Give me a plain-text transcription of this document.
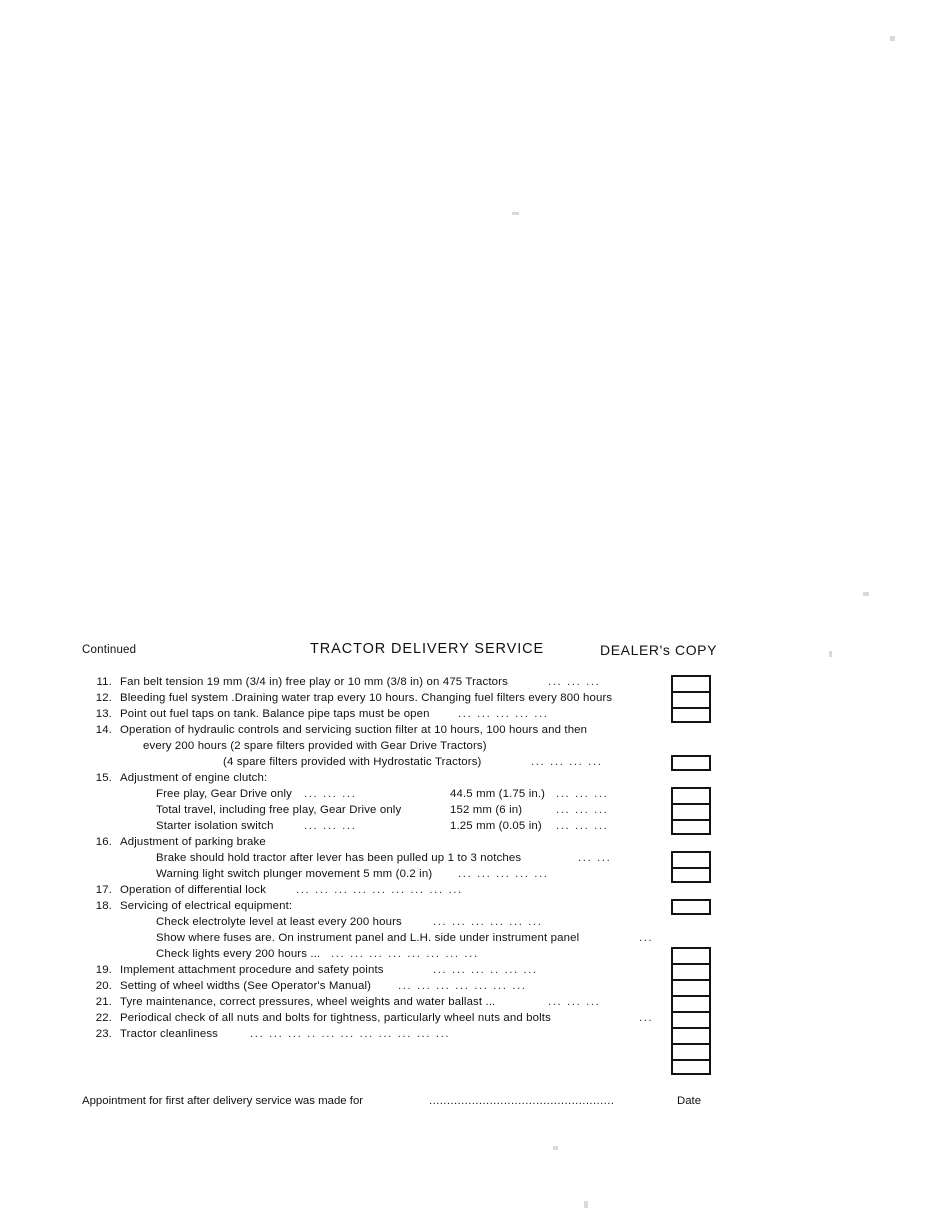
Continued	TRACTOR DELIVERY SERVICE	DEALER's COPY
11. Fan belt tension 19 mm (3/4 in) free play or 10 mm (3/8 in) on 475 Tractors	... ... ...
12. Bleeding fuel system .Draining water trap every 10 hours. Changing fuel filters every 800 hours
13. Point out fuel taps on tank. Balance pipe taps must be open ... ... ... ... ...
14. Operation of hydraulic controls and servicing suction filter at 10 hours, 100 hours and then
every 200 hours (2 spare filters provided with Gear Drive Tractors)
(4 spare filters provided with Hydrostatic Tractors)	... ... ... ...
15. Adjustment of engine clutch:
Free play, Gear Drive only ... ... ...	44.5 mm (1.75 in.) ... ... ...
Total travel, including free play, Gear Drive only	152 mm (6 in)	... ... ...
Starter isolation switch	... ... ...	1.25 mm (0.05 in) ... ... ...
16. Adjustment of parking brake
Brake should hold tractor after lever has been pulled up 1 to 3 notches	... ...
Warning light switch plunger movement 5 mm (0.2 in) ... ... ... ... ...
17. Operation of differential lock	... ... ... ... ... ... ... ... ...
18. Servicing of electrical equipment:
Check electrolyte level at least every 200 hours	... ... ... ... ... ...
Show where fuses are. On instrument panel and L.H. side under instrument panel	...
Check lights every 200 hours ... ... ... ... ... ... ... ... ...
19. Implement attachment procedure and safety points	... ... ... .. ... ...
20. Setting of wheel widths (See Operator's Manual) ... ... ... ... ... ... ...
21. Tyre maintenance, correct pressures, wheel weights and water ballast ...	... ... ...
22. Periodical check of all nuts and bolts for tightness, particularly wheel nuts and bolts	...
23. Tractor cleanliness	... ... ... .. ... ... ... ... ... ... ...
Appointment for first after delivery service was made for	....................................................	Date
